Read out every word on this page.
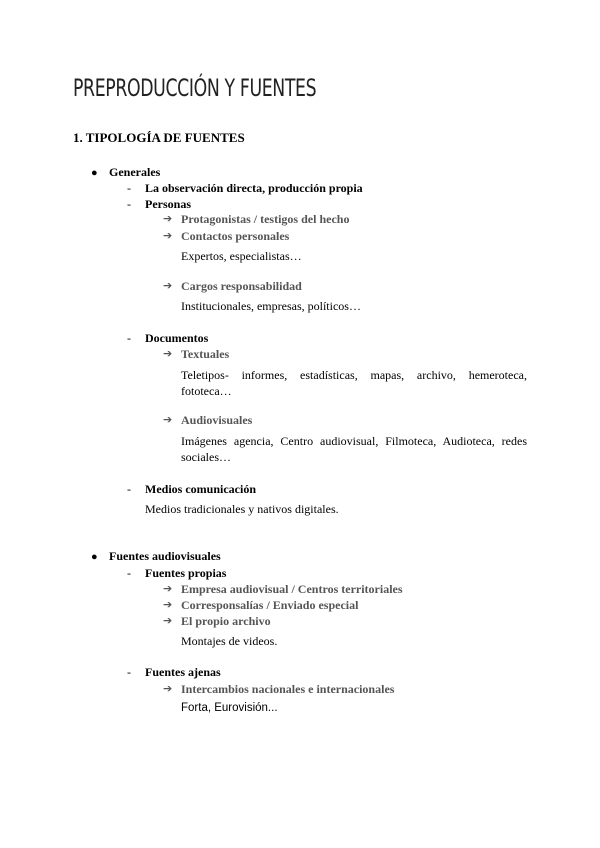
PREPRODUCCIÓN Y FUENTES
1. TIPOLOGÍA DE FUENTES
● Generales
- La observación directa, producción propia
- Personas
➔ Protagonistas / testigos del hecho
➔ Contactos personales
Expertos, especialistas…
➔ Cargos responsabilidad
Institucionales, empresas, políticos…
- Documentos
➔ Textuales
Teletipos- informes, estadísticas, mapas, archivo, hemeroteca, fototeca…
➔ Audiovisuales
Imágenes agencia, Centro audiovisual, Filmoteca, Audioteca, redes sociales…
- Medios comunicación
Medios tradicionales y nativos digitales.
● Fuentes audiovisuales
- Fuentes propias
➔ Empresa audiovisual / Centros territoriales
➔ Corresponsalías / Enviado especial
➔ El propio archivo
Montajes de videos.
- Fuentes ajenas
➔ Intercambios nacionales e internacionales
Forta, Eurovisión...
